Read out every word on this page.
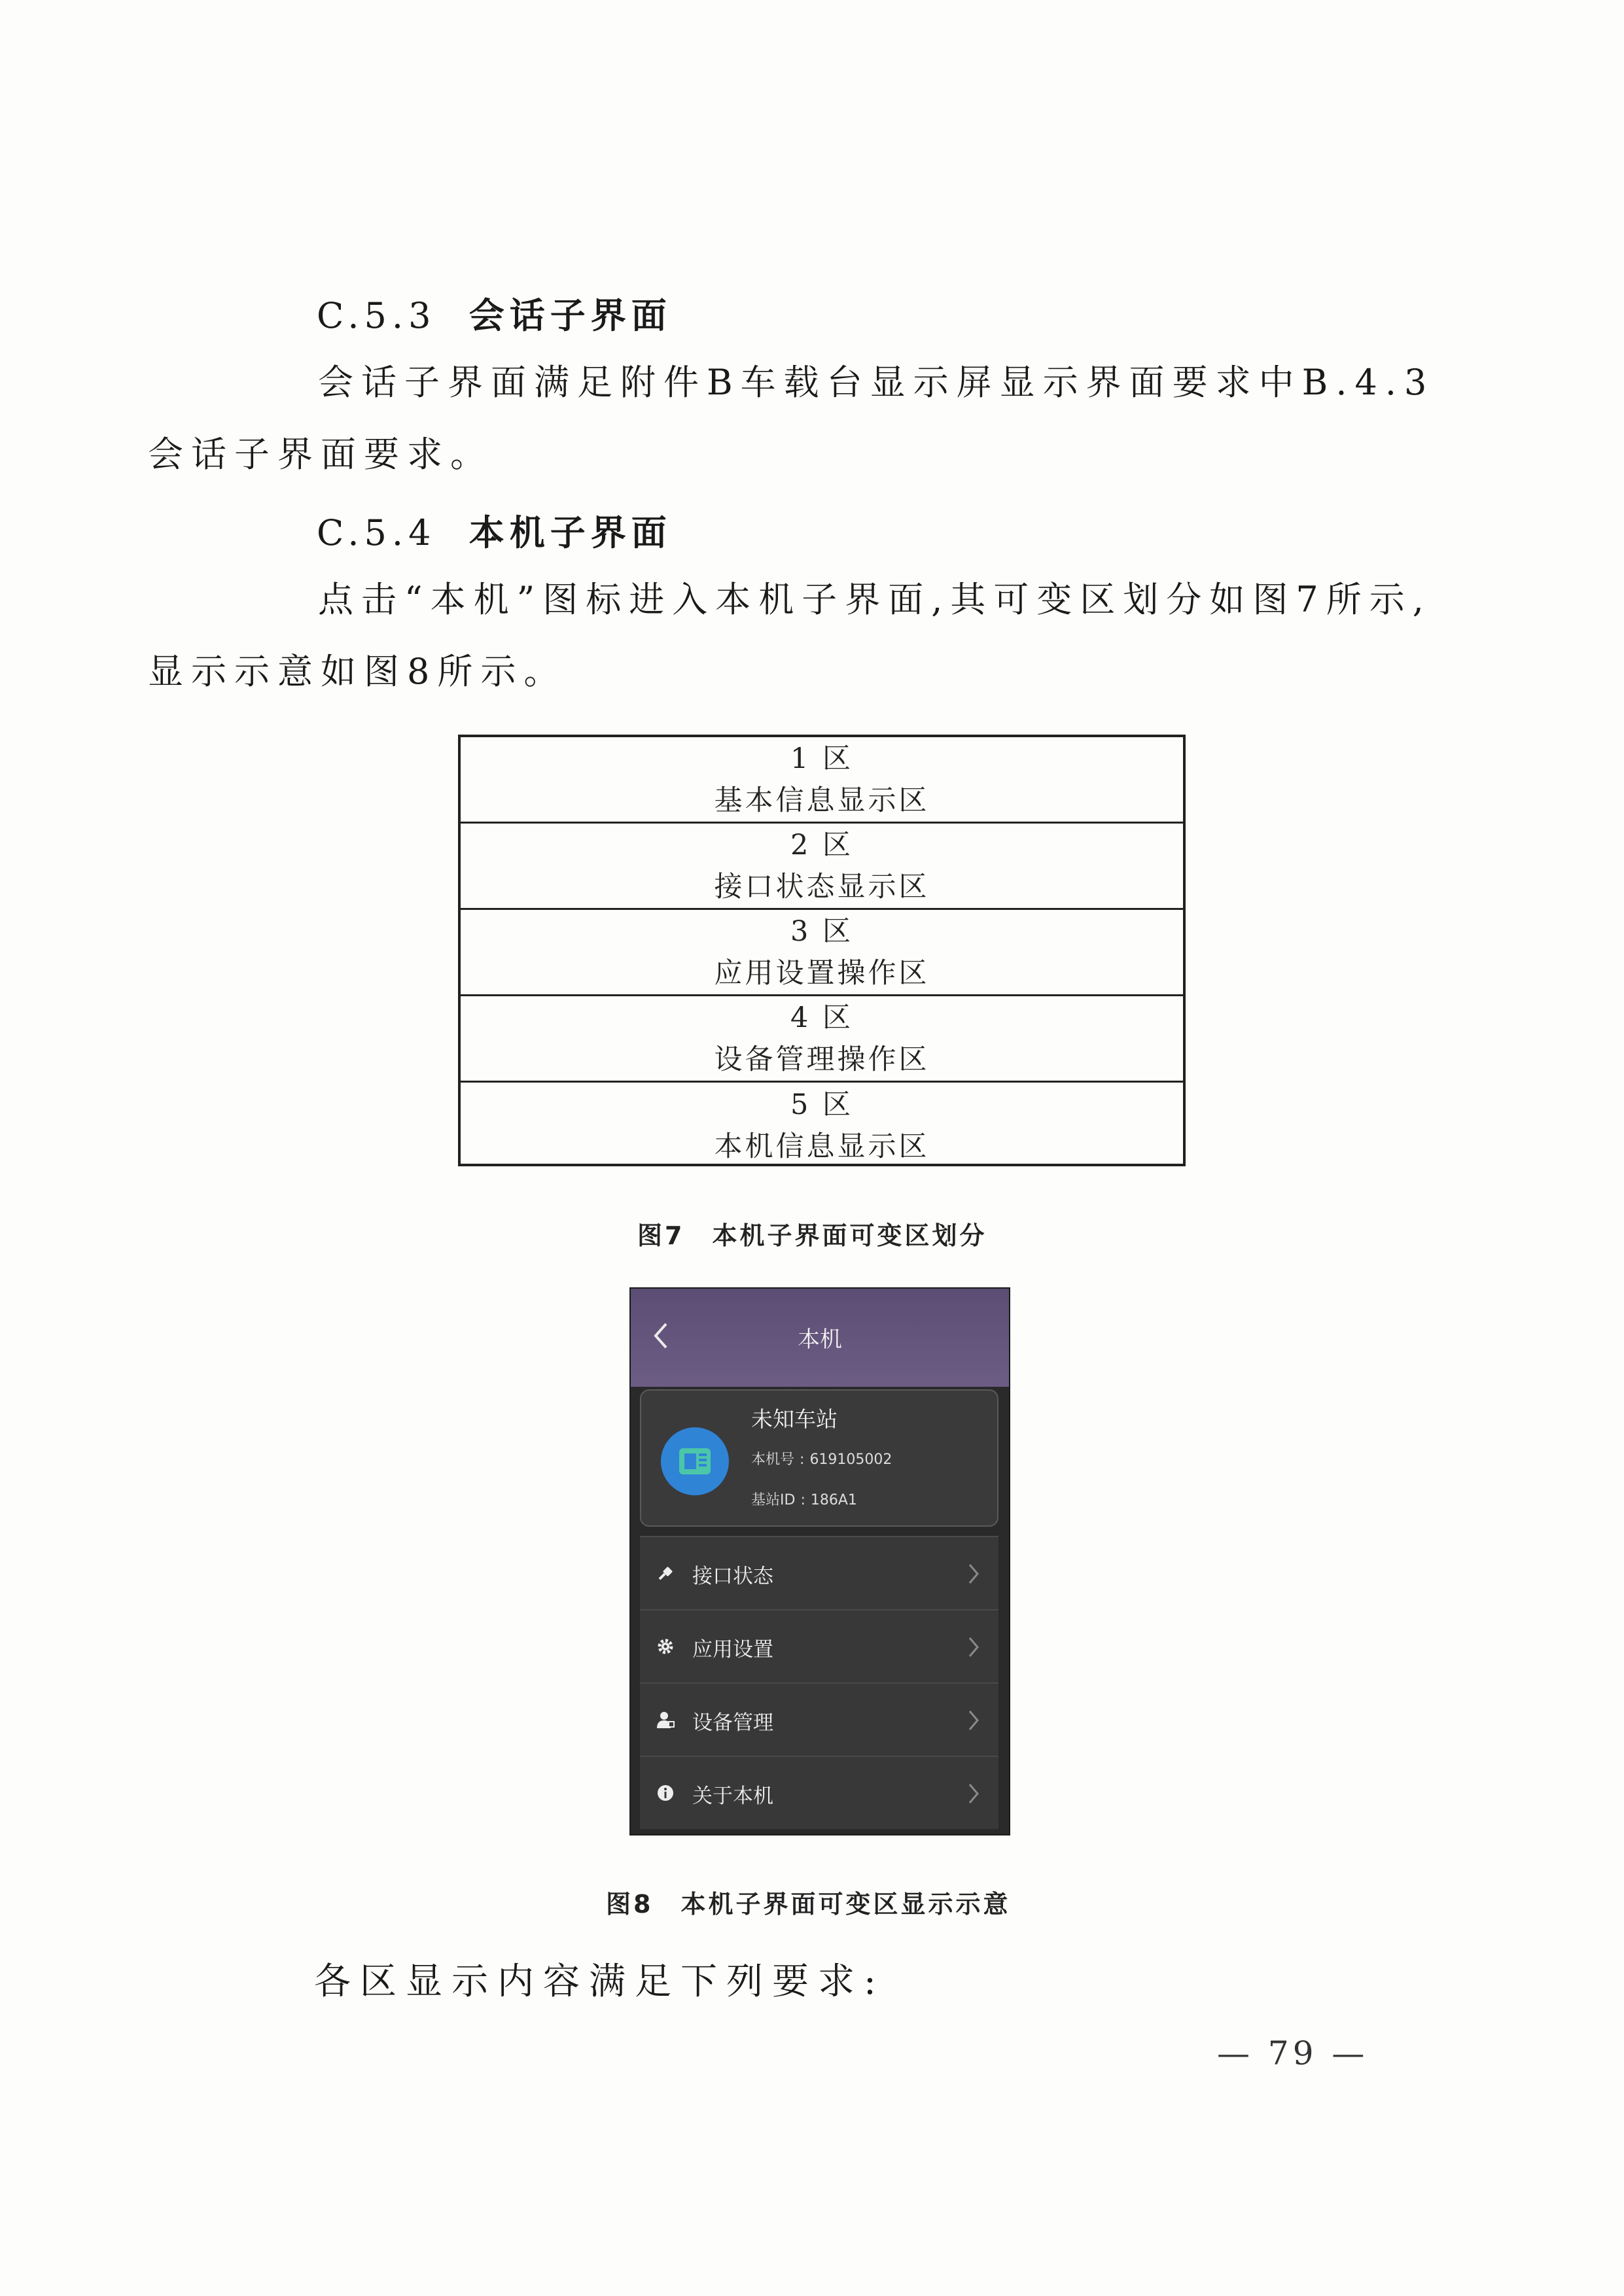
C.5.3 会话子界面
会话子界面满足附件B车载台显示屏显示界面要求中B.4.3
会话子界面要求。
C.5.4 本机子界面
点击“本机”图标进入本机子界面,其可变区划分如图7所示,
显示示意如图8所示。
1 区
基本信息显示区
2 区
接口状态显示区
3 区
应用设置操作区
4 区
设备管理操作区
5 区
本机信息显示区
图7　本机子界面可变区划分
本机
未知车站
本机号 : 619105002
基站ID : 186A1
接口状态
应用设置
设备管理
关于本机
图8　本机子界面可变区显示示意
各区显示内容满足下列要求:
— 79 —
